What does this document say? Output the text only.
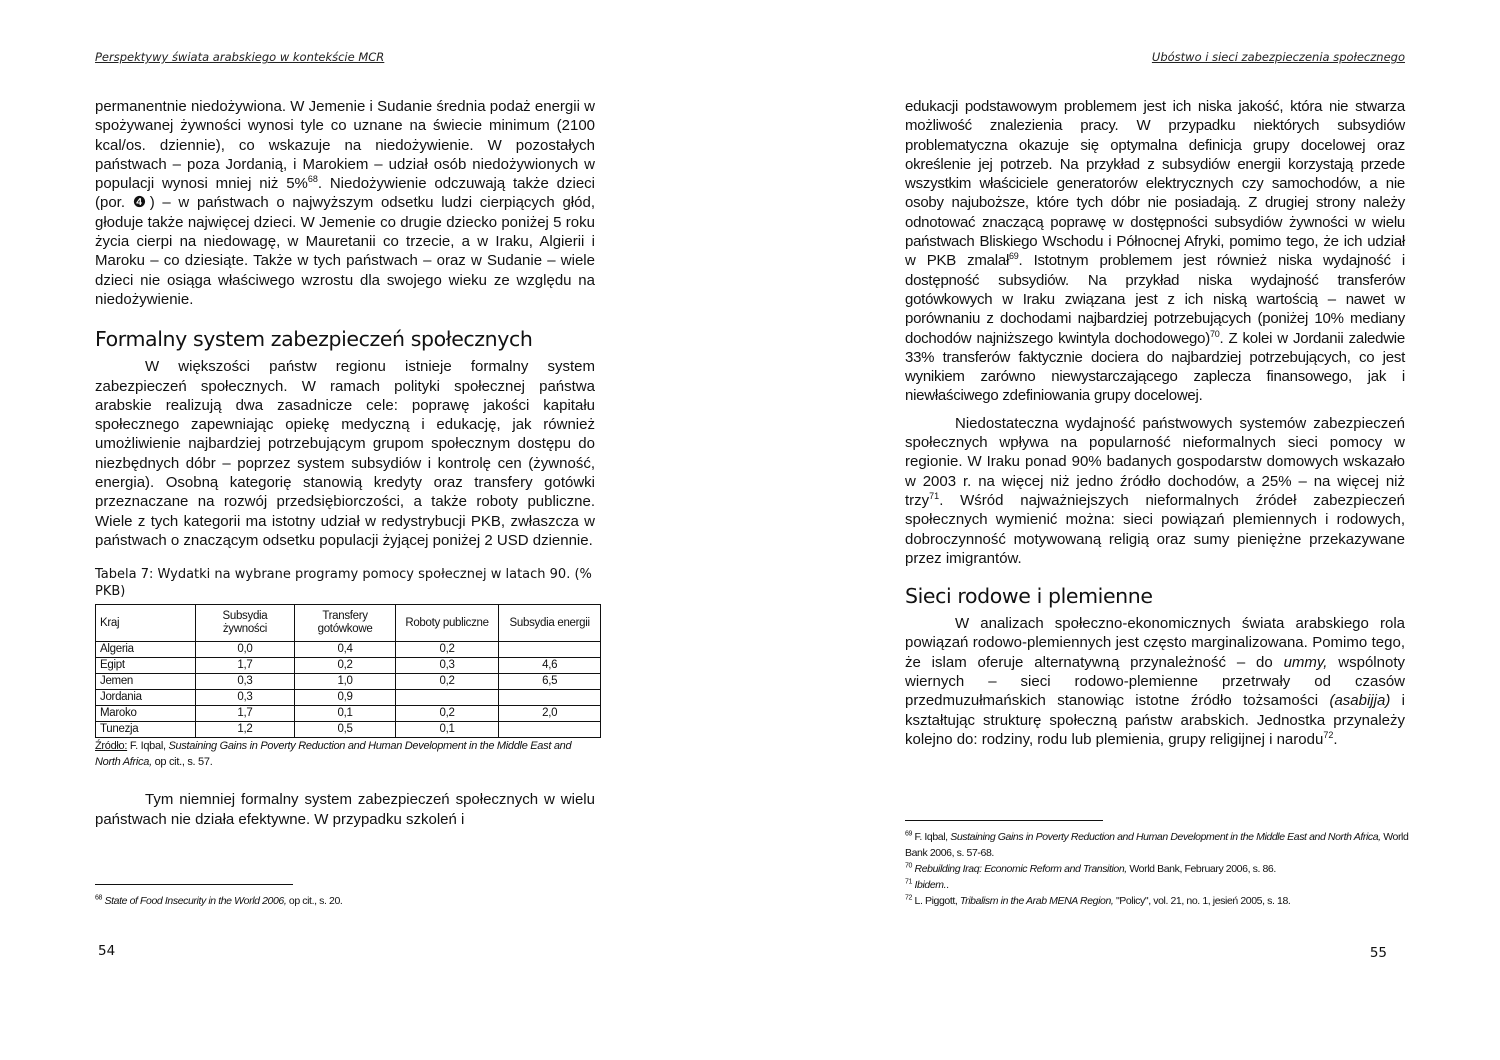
Perspektywy świata arabskiego w kontekście MCR

permanentnie niedożywiona. W Jemenie i Sudanie średnia podaż energii w spożywanej żywności wynosi tyle co uznane na świecie minimum (2100 kcal/os. dziennie), co wskazuje na niedożywienie. W pozostałych państwach – poza Jordanią, i Marokiem – udział osób niedożywionych w populacji wynosi mniej niż 5%$^{68}$. Niedożywienie odczuwają także dzieci (por. ❹) – w państwach o najwyższym odsetku ludzi cierpiących głód, głoduje także najwięcej dzieci. W Jemenie co drugie dziecko poniżej 5 roku życia cierpi na niedowagę, w Mauretanii co trzecie, a w Iraku, Algierii i Maroku – co dziesiąte. Także w tych państwach – oraz w Sudanie – wiele dzieci nie osiąga właściwego wzrostu dla swojego wieku ze względu na niedożywienie.

Formalny system zabezpieczeń społecznych

W większości państw regionu istnieje formalny system zabezpieczeń społecznych. W ramach polityki społecznej państwa arabskie realizują dwa zasadnicze cele: poprawę jakości kapitału społecznego zapewniając opiekę medyczną i edukację, jak również umożliwienie najbardziej potrzebującym grupom społecznym dostępu do niezbędnych dóbr – poprzez system subsydiów i kontrolę cen (żywność, energia). Osobną kategorię stanowią kredyty oraz transfery gotówki przeznaczane na rozwój przedsiębiorczości, a także roboty publiczne. Wiele z tych kategorii ma istotny udział w redystrybucji PKB, zwłaszcza w państwach o znaczącym odsetku populacji żyjącej poniżej 2 USD dziennie.

Tabela 7: Wydatki na wybrane programy pomocy społecznej w latach 90. (% PKB)
Kraj	Subsydia żywności	Transfery gotówkowe	Roboty publiczne	Subsydia energii
Algeria	0,0	0,4	0,2	
Egipt	1,7	0,2	0,3	4,6
Jemen	0,3	1,0	0,2	6,5
Jordania	0,3	0,9		
Maroko	1,7	0,1	0,2	2,0
Tunezja	1,2	0,5	0,1	

Źródło: F. Iqbal, Sustaining Gains in Poverty Reduction and Human Development in the Middle East and North Africa, op cit., s. 57.

Tym niemniej formalny system zabezpieczeń społecznych w wielu państwach nie działa efektywne. W przypadku szkoleń i

$^{68}$ State of Food Insecurity in the World 2006, op cit., s. 20.
54
Ubóstwo i sieci zabezpieczenia społecznego

edukacji podstawowym problemem jest ich niska jakość, która nie stwarza możliwość znalezienia pracy. W przypadku niektórych subsydiów problematyczna okazuje się optymalna definicja grupy docelowej oraz określenie jej potrzeb. Na przykład z subsydiów energii korzystają przede wszystkim właściciele generatorów elektrycznych czy samochodów, a nie osoby najuboższe, które tych dóbr nie posiadają. Z drugiej strony należy odnotować znaczącą poprawę w dostępności subsydiów żywności w wielu państwach Bliskiego Wschodu i Północnej Afryki, pomimo tego, że ich udział w PKB zmalał$^{69}$. Istotnym problemem jest również niska wydajność i dostępność subsydiów. Na przykład niska wydajność transferów gotówkowych w Iraku związana jest z ich niską wartością – nawet w porównaniu z dochodami najbardziej potrzebujących (poniżej 10% mediany dochodów najniższego kwintyla dochodowego)$^{70}$. Z kolei w Jordanii zaledwie 33% transferów faktycznie dociera do najbardziej potrzebujących, co jest wynikiem zarówno niewystarczającego zaplecza finansowego, jak i niewłaściwego zdefiniowania grupy docelowej.

Niedostateczna wydajność państwowych systemów zabezpieczeń społecznych wpływa na popularność nieformalnych sieci pomocy w regionie. W Iraku ponad 90% badanych gospodarstw domowych wskazało w 2003 r. na więcej niż jedno źródło dochodów, a 25% – na więcej niż trzy$^{71}$. Wśród najważniejszych nieformalnych źródeł zabezpieczeń społecznych wymienić można: sieci powiązań plemiennych i rodowych, dobroczynność motywowaną religią oraz sumy pieniężne przekazywane przez imigrantów.

Sieci rodowe i plemienne

W analizach społeczno-ekonomicznych świata arabskiego rola powiązań rodowo-plemiennych jest często marginalizowana. Pomimo tego, że islam oferuje alternatywną przynależność – do ummy, wspólnoty wiernych – sieci rodowo-plemienne przetrwały od czasów przedmuzułmańskich stanowiąc istotne źródło tożsamości (asabijja) i kształtując strukturę społeczną państw arabskich. Jednostka przynależy kolejno do: rodziny, rodu lub plemienia, grupy religijnej i narodu$^{72}$.

$^{69}$ F. Iqbal, Sustaining Gains in Poverty Reduction and Human Development in the Middle East and North Africa, World Bank 2006, s. 57-68.
$^{70}$ Rebuilding Iraq: Economic Reform and Transition, World Bank, February 2006, s. 86.
$^{71}$ Ibidem..
$^{72}$ L. Piggott, Tribalism in the Arab MENA Region, "Policy", vol. 21, no. 1, jesień 2005, s. 18.
55
